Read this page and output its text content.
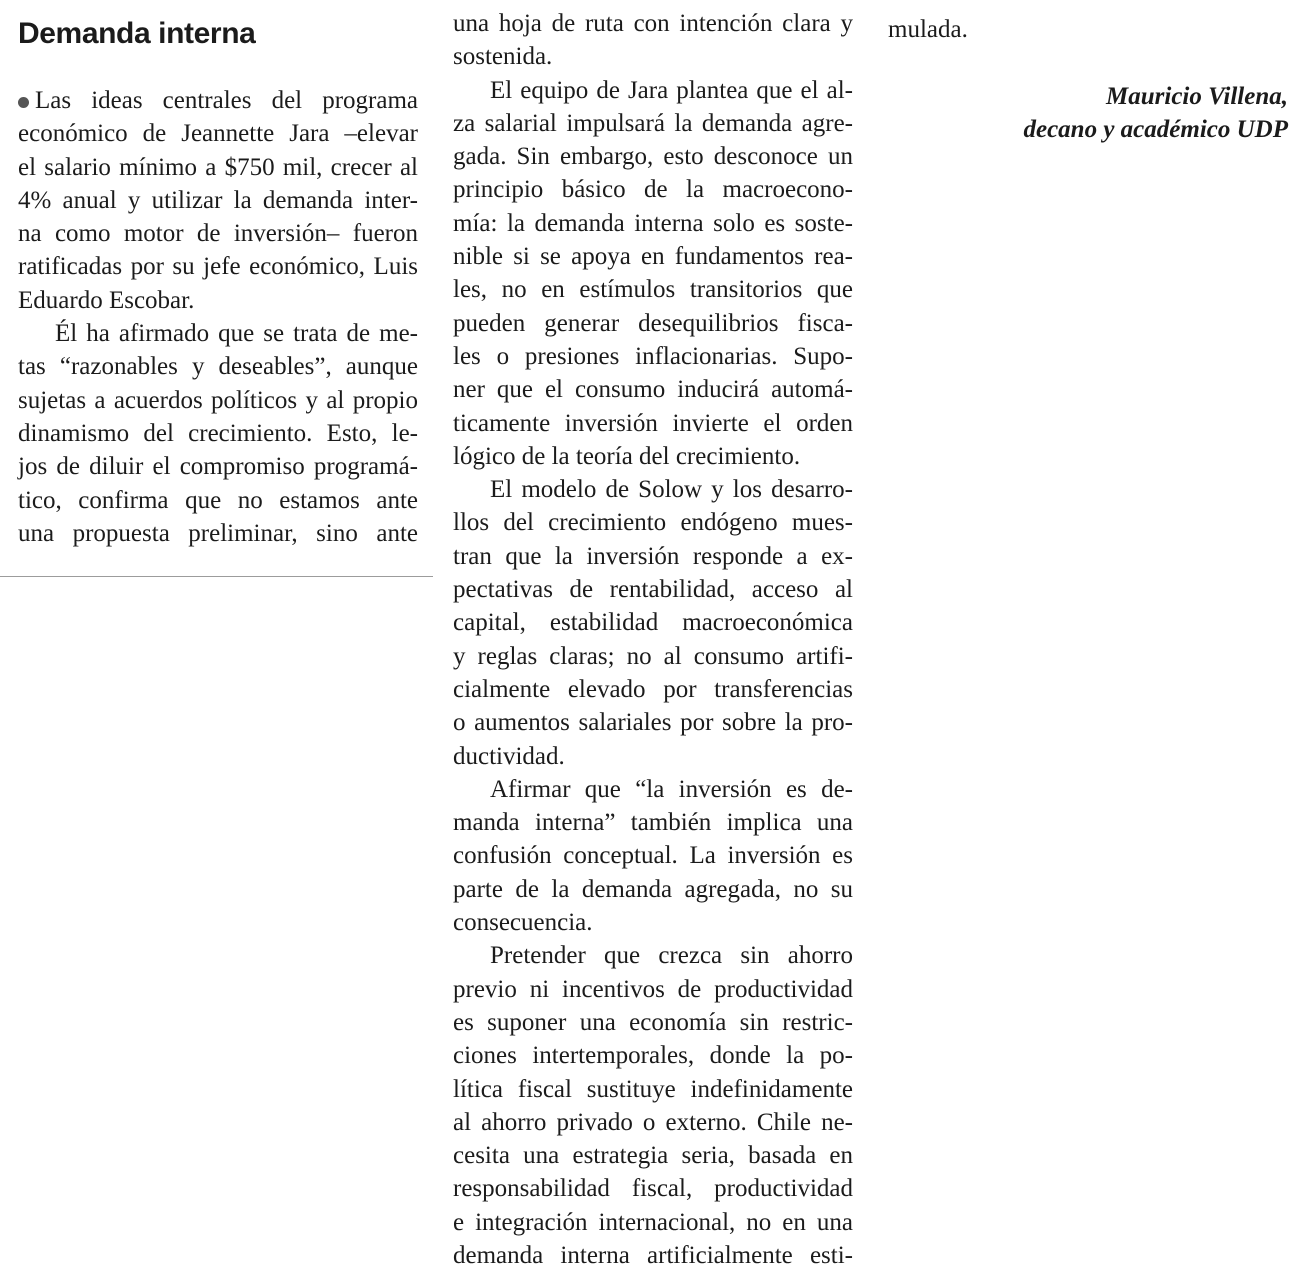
Demanda interna
Las ideas centrales del programa
económico de Jeannette Jara –elevar
el salario mínimo a $750 mil, crecer al
4% anual y utilizar la demanda inter-
na como motor de inversión– fueron
ratificadas por su jefe económico, Luis
Eduardo Escobar.
Él ha afirmado que se trata de me-
tas “razonables y deseables”, aunque
sujetas a acuerdos políticos y al propio
dinamismo del crecimiento. Esto, le-
jos de diluir el compromiso programá-
tico, confirma que no estamos ante
una propuesta preliminar, sino ante
una hoja de ruta con intención clara y
sostenida.
El equipo de Jara plantea que el al-
za salarial impulsará la demanda agre-
gada. Sin embargo, esto desconoce un
principio básico de la macroecono-
mía: la demanda interna solo es soste-
nible si se apoya en fundamentos rea-
les, no en estímulos transitorios que
pueden generar desequilibrios fisca-
les o presiones inflacionarias. Supo-
ner que el consumo inducirá automá-
ticamente inversión invierte el orden
lógico de la teoría del crecimiento.
El modelo de Solow y los desarro-
llos del crecimiento endógeno mues-
tran que la inversión responde a ex-
pectativas de rentabilidad, acceso al
capital, estabilidad macroeconómica
y reglas claras; no al consumo artifi-
cialmente elevado por transferencias
o aumentos salariales por sobre la pro-
ductividad.
Afirmar que “la inversión es de-
manda interna” también implica una
confusión conceptual. La inversión es
parte de la demanda agregada, no su
consecuencia.
Pretender que crezca sin ahorro
previo ni incentivos de productividad
es suponer una economía sin restric-
ciones intertemporales, donde la po-
lítica fiscal sustituye indefinidamente
al ahorro privado o externo. Chile ne-
cesita una estrategia seria, basada en
responsabilidad fiscal, productividad
e integración internacional, no en una
demanda interna artificialmente esti-
mulada.
Mauricio Villena,
decano y académico UDP
